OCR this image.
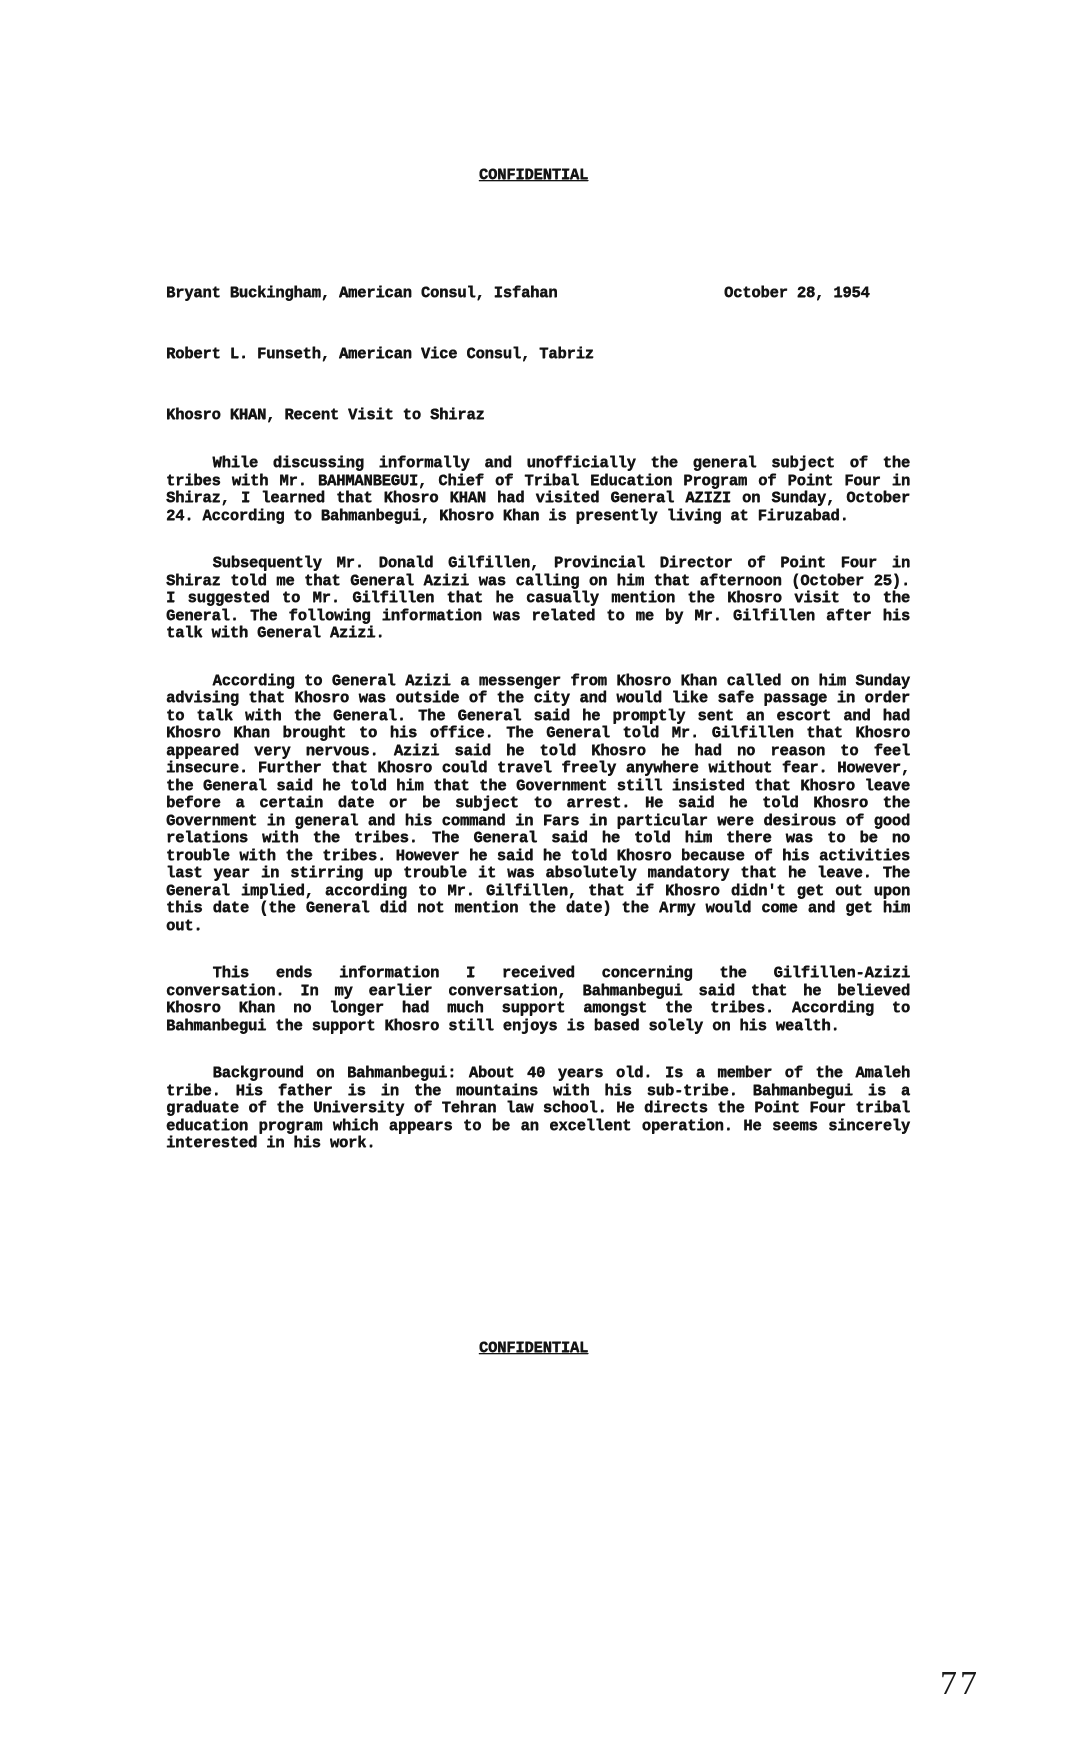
CONFIDENTIAL
Bryant Buckingham, American Consul, Isfahan	October 28, 1954
Robert L. Funseth, American Vice Consul, Tabriz
Khosro KHAN, Recent Visit to Shiraz

While discussing informally and unofficially the general subject of the tribes with Mr. BAHMANBEGUI, Chief of Tribal Education Program of Point Four in Shiraz, I learned that Khosro KHAN had visited General AZIZI on Sunday, October 24. According to Bahmanbegui, Khosro Khan is presently living at Firuzabad.

Subsequently Mr. Donald Gilfillen, Provincial Director of Point Four in Shiraz told me that General Azizi was calling on him that afternoon (October 25). I suggested to Mr. Gilfillen that he casually mention the Khosro visit to the General. The following information was related to me by Mr. Gilfillen after his talk with General Azizi.

According to General Azizi a messenger from Khosro Khan called on him Sunday advising that Khosro was outside of the city and would like safe passage in order to talk with the General. The General said he promptly sent an escort and had Khosro Khan brought to his office. The General told Mr. Gilfillen that Khosro appeared very nervous. Azizi said he told Khosro he had no reason to feel insecure. Further that Khosro could travel freely anywhere without fear. However, the General said he told him that the Government still insisted that Khosro leave before a certain date or be subject to arrest. He said he told Khosro the Government in general and his command in Fars in particular were desirous of good relations with the tribes. The General said he told him there was to be no trouble with the tribes. However he said he told Khosro because of his activities last year in stirring up trouble it was absolutely mandatory that he leave. The General implied, according to Mr. Gilfillen, that if Khosro didn't get out upon this date (the General did not mention the date) the Army would come and get him out.

This ends information I received concerning the Gilfillen-Azizi conversation. In my earlier conversation, Bahmanbegui said that he believed Khosro Khan no longer had much support amongst the tribes. According to Bahmanbegui the support Khosro still enjoys is based solely on his wealth.

Background on Bahmanbegui: About 40 years old. Is a member of the Amaleh tribe. His father is in the mountains with his sub-tribe. Bahmanbegui is a graduate of the University of Tehran law school. He directs the Point Four tribal education program which appears to be an excellent operation. He seems sincerely interested in his work.

CONFIDENTIAL
77
